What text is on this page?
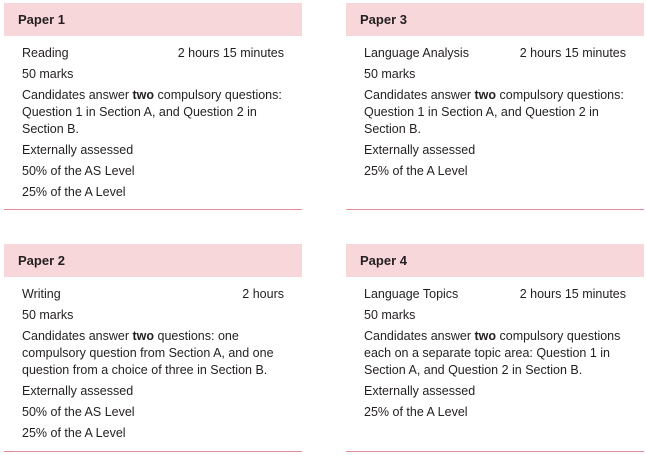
Paper 1
Reading	2 hours 15 minutes
50 marks
Candidates answer two compulsory questions: Question 1 in Section A, and Question 2 in Section B.
Externally assessed
50% of the AS Level
25% of the A Level
Paper 3
Language Analysis	2 hours 15 minutes
50 marks
Candidates answer two compulsory questions: Question 1 in Section A, and Question 2 in Section B.
Externally assessed
25% of the A Level
Paper 2
Writing	2 hours
50 marks
Candidates answer two questions: one compulsory question from Section A, and one question from a choice of three in Section B.
Externally assessed
50% of the AS Level
25% of the A Level
Paper 4
Language Topics	2 hours 15 minutes
50 marks
Candidates answer two compulsory questions each on a separate topic area: Question 1 in Section A, and Question 2 in Section B.
Externally assessed
25% of the A Level
